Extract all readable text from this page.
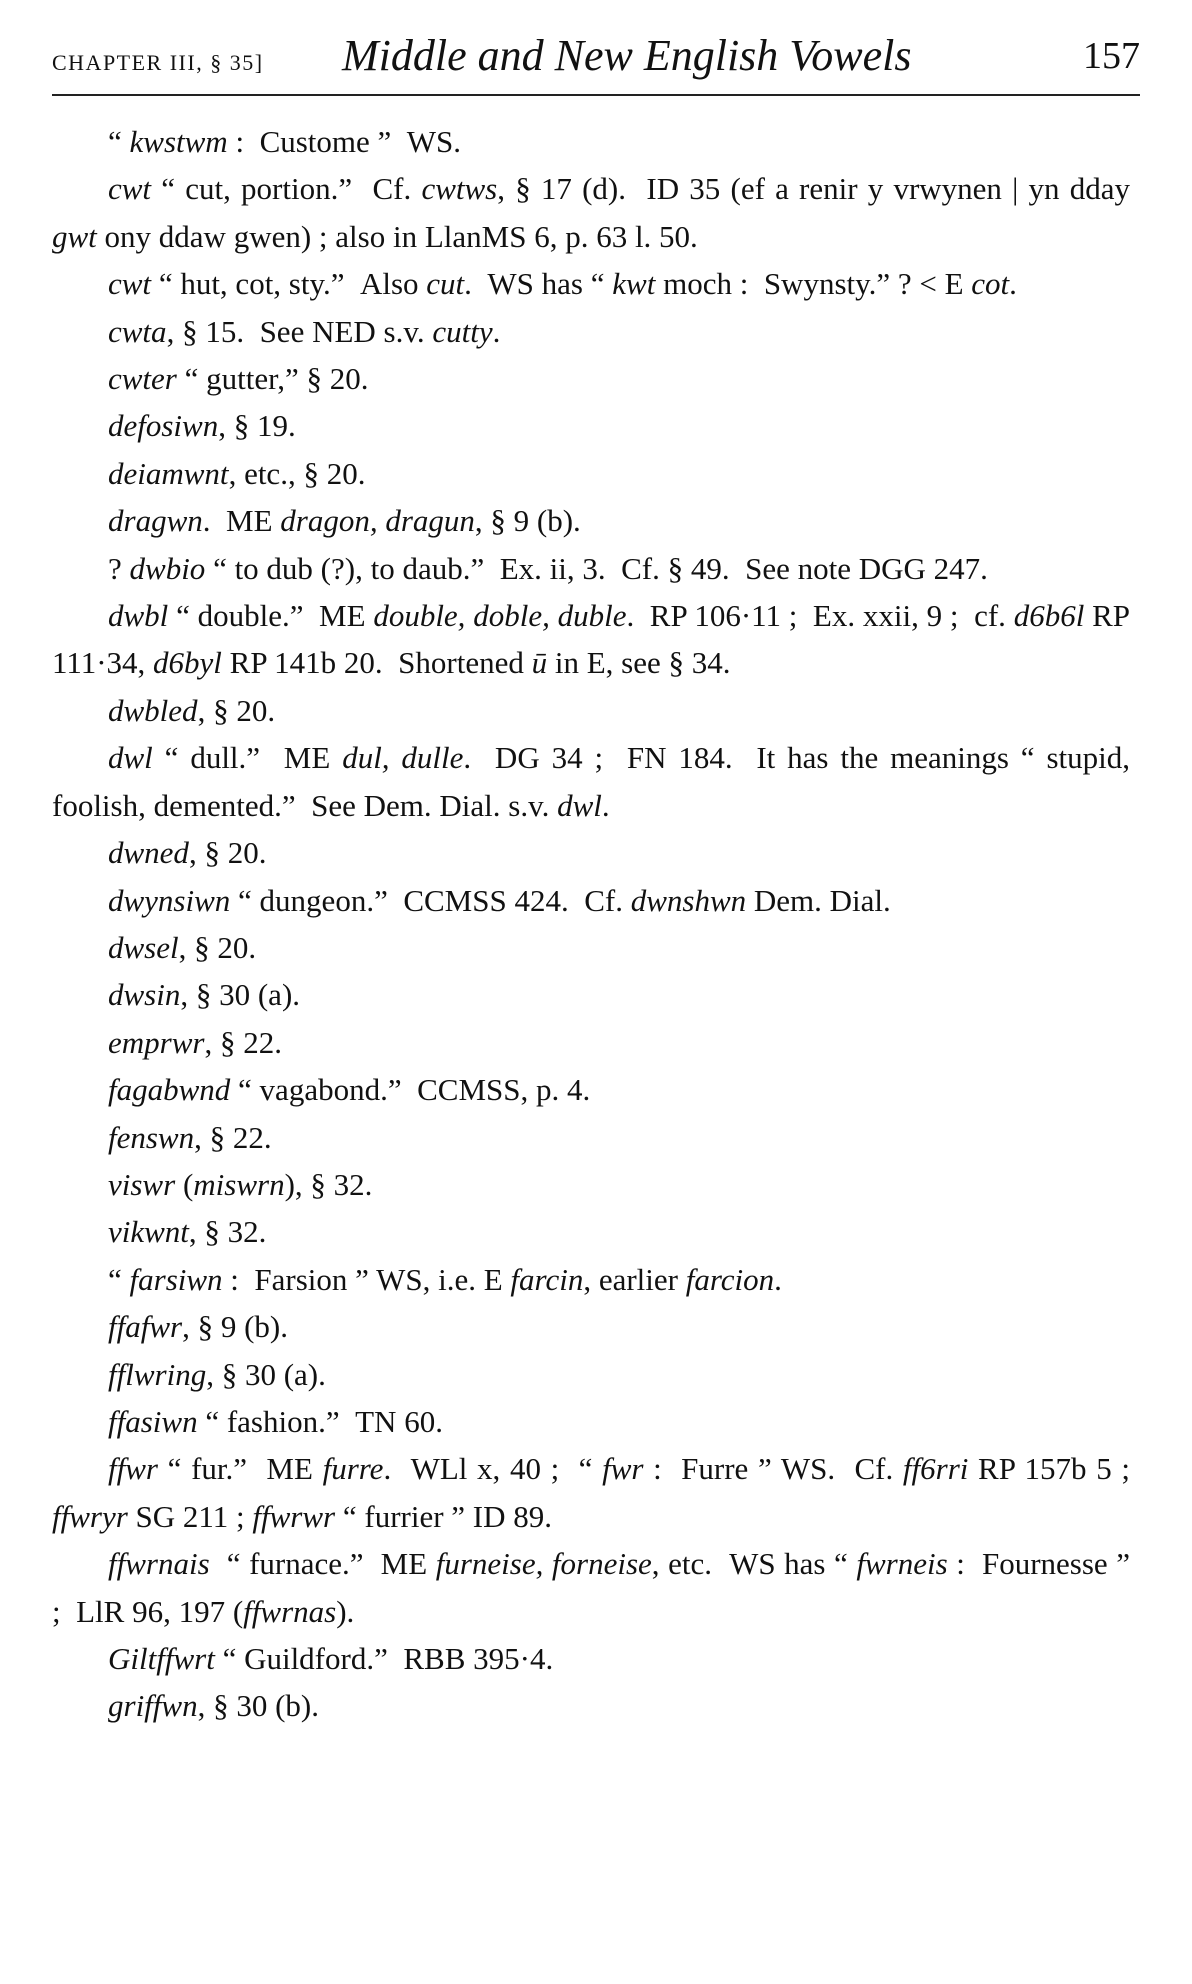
CHAPTER III, § 35] Middle and New English Vowels	157

“ kwstwm :  Custome ”  WS.

cwt “ cut, portion.”  Cf. cwtws, § 17 (d).  ID 35 (ef a renir y vrwynen | yn dday gwt ony ddaw gwen) ; also in LlanMS 6, p. 63 l. 50.

cwt “ hut, cot, sty.”  Also cut.  WS has “ kwt moch :  Swynsty.” ? < E cot.

cwta, § 15.  See NED s.v. cutty.

cwter “ gutter,” § 20.

defosiwn, § 19.

deiamwnt, etc., § 20.

dragwn.  ME dragon, dragun, § 9 (b).

? dwbio “ to dub (?), to daub.”  Ex. ii, 3.  Cf. § 49.  See note DGG 247.

dwbl “ double.”  ME double, doble, duble.  RP 106·11 ;  Ex. xxii, 9 ;  cf. d6b6l RP 111·34, d6byl RP 141b 20.  Shortened ū in E, see § 34.

dwbled, § 20.

dwl “ dull.”  ME dul, dulle.  DG 34 ;  FN 184.  It has the meanings “ stupid, foolish, demented.”  See Dem. Dial. s.v. dwl.

dwned, § 20.

dwynsiwn “ dungeon.”  CCMSS 424.  Cf. dwnshwn Dem. Dial.

dwsel, § 20.

dwsin, § 30 (a).

emprwr, § 22.

fagabwnd “ vagabond.”  CCMSS, p. 4.

fenswn, § 22.

viswr (miswrn), § 32.

vikwnt, § 32.

“ farsiwn :  Farsion ” WS, i.e. E farcin, earlier farcion.

ffafwr, § 9 (b).

fflwring, § 30 (a).

ffasiwn “ fashion.”  TN 60.

ffwr “ fur.”  ME furre.  WLl x, 40 ;  “ fwr :  Furre ” WS.  Cf. ff6rri RP 157b 5 ; ffwryr SG 211 ; ffwrwr “ furrier ” ID 89.

ffwrnais  “ furnace.”  ME furneise, forneise, etc.  WS has “ fwrneis :  Fournesse ” ;  LlR 96, 197 (ffwrnas).

Giltffwrt “ Guildford.”  RBB 395·4.

griffwn, § 30 (b).
